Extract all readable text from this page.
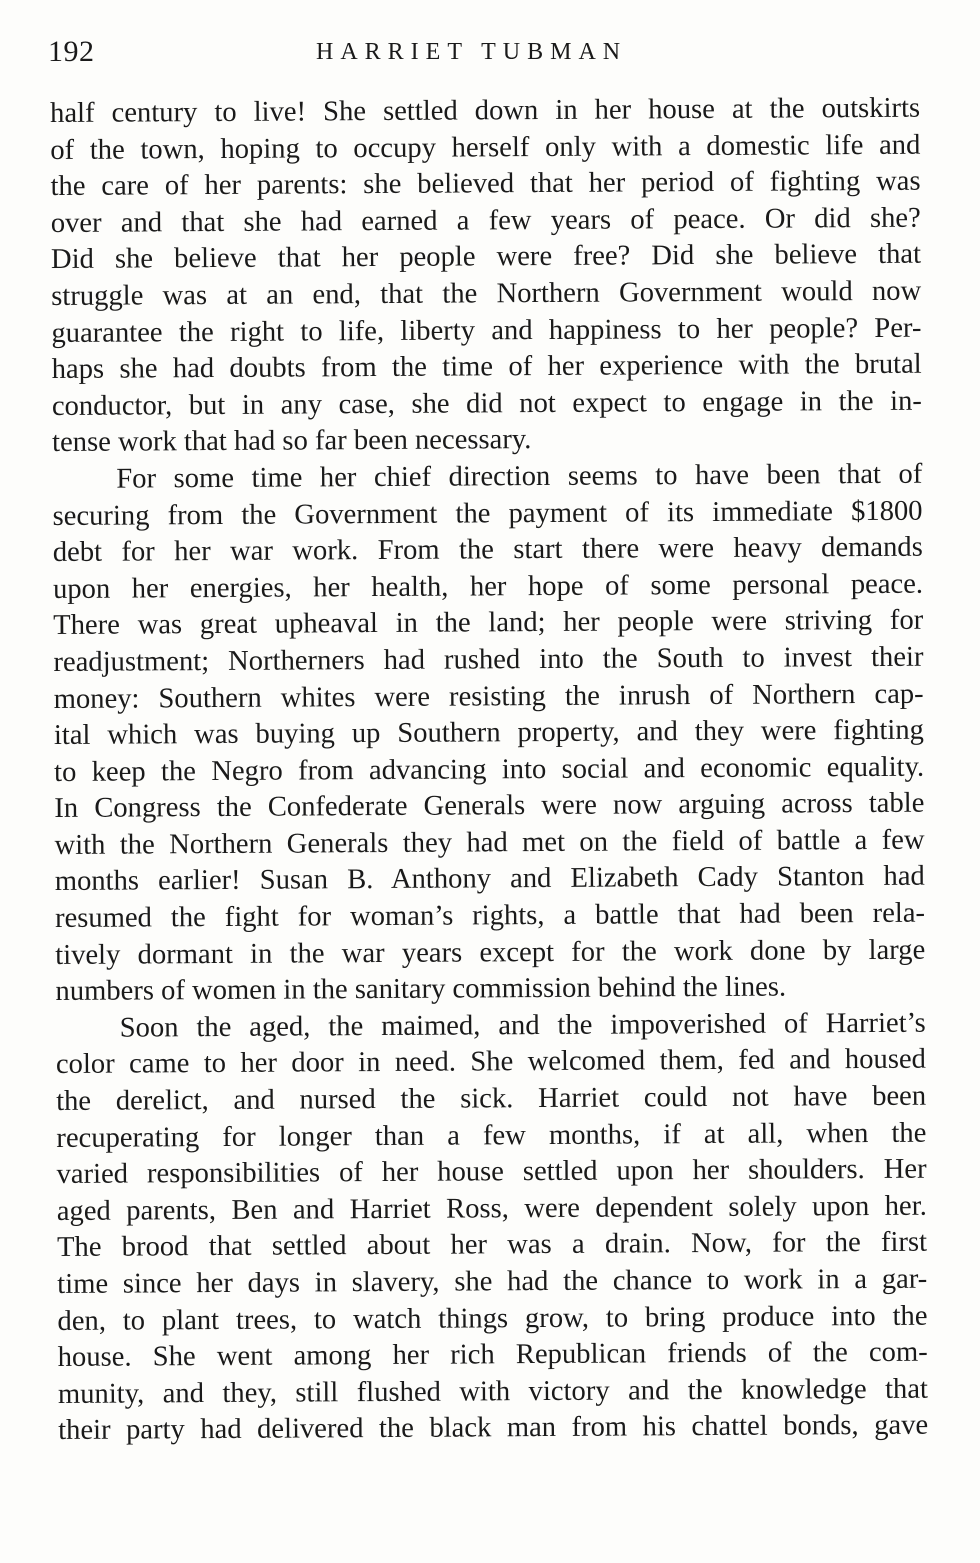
192	HARRIET TUBMAN
half century to live! She settled down in her house at the outskirts
of the town, hoping to occupy herself only with a domestic life and
the care of her parents: she believed that her period of fighting was
over and that she had earned a few years of peace. Or did she?
Did she believe that her people were free? Did she believe that
struggle was at an end, that the Northern Government would now
guarantee the right to life, liberty and happiness to her people? Per-
haps she had doubts from the time of her experience with the brutal
conductor, but in any case, she did not expect to engage in the in-
tense work that had so far been necessary.
For some time her chief direction seems to have been that of
securing from the Government the payment of its immediate $1800
debt for her war work. From the start there were heavy demands
upon her energies, her health, her hope of some personal peace.
There was great upheaval in the land; her people were striving for
readjustment; Northerners had rushed into the South to invest their
money: Southern whites were resisting the inrush of Northern cap-
ital which was buying up Southern property, and they were fighting
to keep the Negro from advancing into social and economic equality.
In Congress the Confederate Generals were now arguing across table
with the Northern Generals they had met on the field of battle a few
months earlier! Susan B. Anthony and Elizabeth Cady Stanton had
resumed the fight for woman’s rights, a battle that had been rela-
tively dormant in the war years except for the work done by large
numbers of women in the sanitary commission behind the lines.
Soon the aged, the maimed, and the impoverished of Harriet’s
color came to her door in need. She welcomed them, fed and housed
the derelict, and nursed the sick. Harriet could not have been
recuperating for longer than a few months, if at all, when the
varied responsibilities of her house settled upon her shoulders. Her
aged parents, Ben and Harriet Ross, were dependent solely upon her.
The brood that settled about her was a drain. Now, for the first
time since her days in slavery, she had the chance to work in a gar-
den, to plant trees, to watch things grow, to bring produce into the
house. She went among her rich Republican friends of the com-
munity, and they, still flushed with victory and the knowledge that
their party had delivered the black man from his chattel bonds, gave
